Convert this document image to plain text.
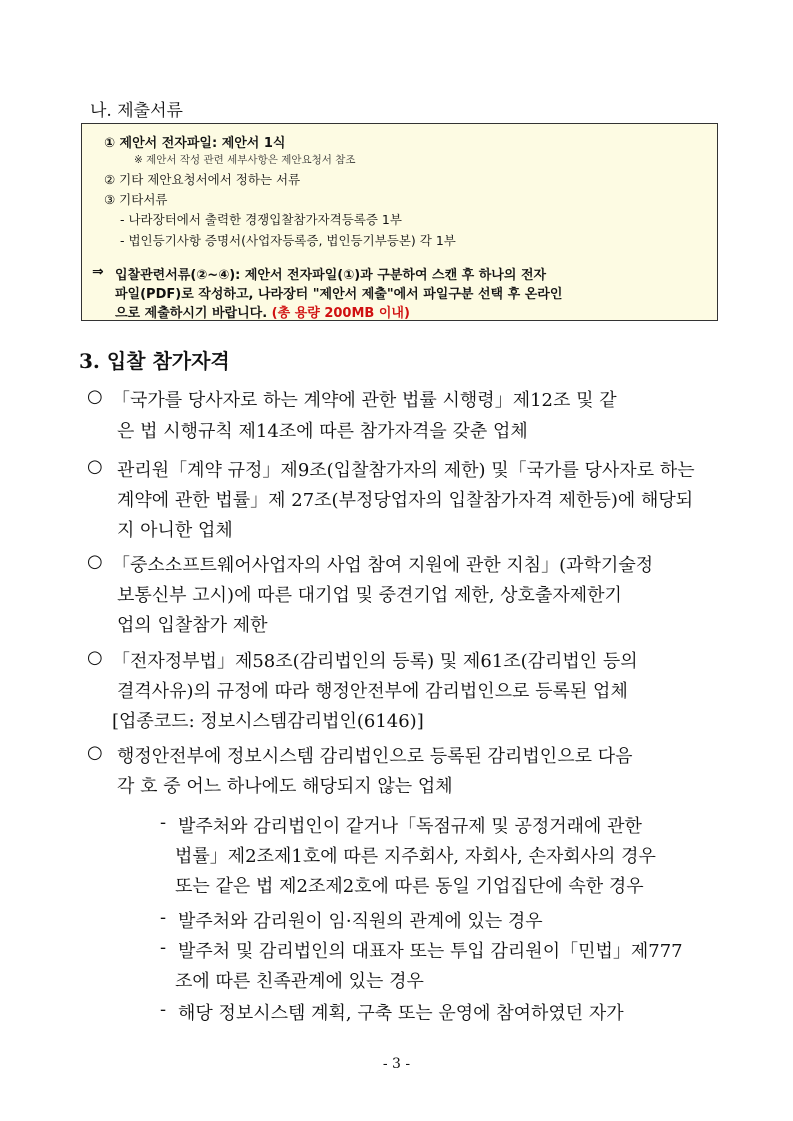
나. 제출서류
① 제안서 전자파일: 제안서 1식
※ 제안서 작성 관련 세부사항은 제안요청서 참조
② 기타 제안요청서에서 정하는 서류
③ 기타서류
- 나라장터에서 출력한 경쟁입찰참가자격등록증 1부
- 법인등기사항 증명서(사업자등록증, 법인등기부등본) 각 1부
⇒ 입찰관련서류(②~④): 제안서 전자파일(①)과 구분하여 스캔 후 하나의 전자
파일(PDF)로 작성하고, 나라장터 "제안서 제출"에서 파일구분 선택 후 온라인
으로 제출하시기 바랍니다. (총 용량 200MB 이내)
3. 입찰 참가자격
○ 「국가를 당사자로 하는 계약에 관한 법률 시행령」제12조 및 같
은 법 시행규칙 제14조에 따른 참가자격을 갖춘 업체
○ 관리원「계약 규정」제9조(입찰참가자의 제한) 및「국가를 당사자로 하는
계약에 관한 법률」제 27조(부정당업자의 입찰참가자격 제한등)에 해당되
지 아니한 업체
○ 「중소소프트웨어사업자의 사업 참여 지원에 관한 지침」(과학기술정
보통신부 고시)에 따른 대기업 및 중견기업 제한, 상호출자제한기
업의 입찰참가 제한
○ 「전자정부법」제58조(감리법인의 등록) 및 제61조(감리법인 등의
결격사유)의 규정에 따라 행정안전부에 감리법인으로 등록된 업체
[업종코드: 정보시스템감리법인(6146)]
○ 행정안전부에 정보시스템 감리법인으로 등록된 감리법인으로 다음
각 호 중 어느 하나에도 해당되지 않는 업체
- 발주처와 감리법인이 같거나「독점규제 및 공정거래에 관한
법률」제2조제1호에 따른 지주회사, 자회사, 손자회사의 경우
또는 같은 법 제2조제2호에 따른 동일 기업집단에 속한 경우
- 발주처와 감리원이 임·직원의 관계에 있는 경우
- 발주처 및 감리법인의 대표자 또는 투입 감리원이「민법」제777
조에 따른 친족관계에 있는 경우
- 해당 정보시스템 계획, 구축 또는 운영에 참여하였던 자가
- 3 -
